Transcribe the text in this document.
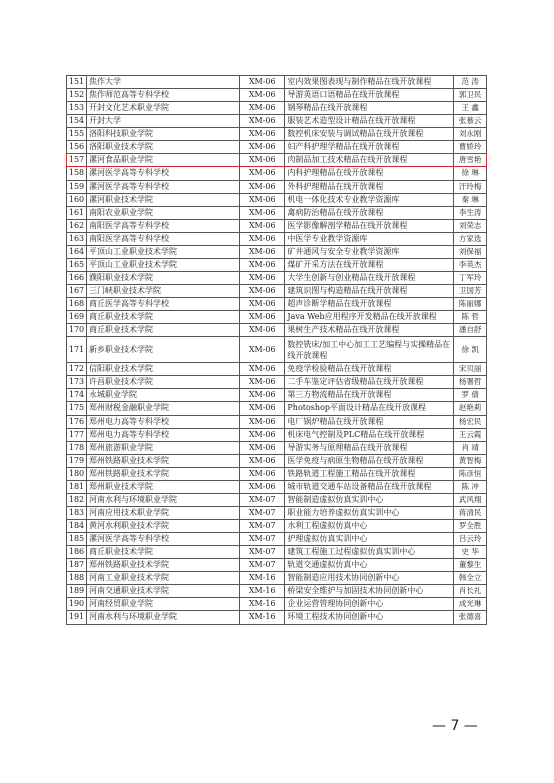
151	焦作大学	XM-06	室内效果图表现与制作精品在线开放课程	范 涛
152	焦作师范高等专科学校	XM-06	导游英语口语精品在线开放课程	郭卫民
153	开封文化艺术职业学院	XM-06	钢琴精品在线开放课程	王 鑫
154	开封大学	XM-06	服装艺术造型设计精品在线开放课程	张慕云
155	洛阳科技职业学院	XM-06	数控机床安装与调试精品在线开放课程	刘永刚
156	洛阳职业技术学院	XM-06	妇产科护理学精品在线开放课程	曹娇玲
157	漯河食品职业学院	XM-06	肉制品加工技术精品在线开放课程	唐雪艳
158	漯河医学高等专科学校	XM-06	内科护理精品在线开放课程	徐 琳
159	漯河医学高等专科学校	XM-06	外科护理精品在线开放课程	汗玲梅
160	漯河职业技术学院	XM-06	机电一体化技术专业教学资源库	秦 琳
161	南阳农业职业学院	XM-06	禽病防治精品在线开放课程	李生涛
162	南阳医学高等专科学校	XM-06	医学影像解剖学精品在线开放课程	刘荣志
163	南阳医学高等专科学校	XM-06	中医学专业教学资源库	方家选
164	平顶山工业职业技术学院	XM-06	矿井通风与安全专业教学资源库	刘保福
165	平顶山工业职业技术学院	XM-06	煤矿开采方法在线开放课程	李英杰
166	濮阳职业技术学院	XM-06	大学生创新与创业精品在线开放课程	丁军玲
167	三门峡职业技术学院	XM-06	建筑识图与构造精品在线开放课程	卫国芳
168	商丘医学高等专科学校	XM-06	超声诊断学精品在线开放课程	陈丽娜
169	商丘职业技术学院	XM-06	Java Web应用程序开发精品在线开放课程	陈 哲
170	商丘职业技术学院	XM-06	果树生产技术精品在线开放课程	潘自舒
171	新乡职业技术学院	XM-06	数控铣床/加工中心加工工艺编程与实操精品在线开放课程	徐 凯
172	信阳职业技术学院	XM-06	免疫学检验精品在线开放课程	宋贝丽
173	许昌职业技术学院	XM-06	二手车鉴定评估省级精品在线开放课程	杨署哲
174	永城职业学院	XM-06	第三方物流精品在线开放课程	罗 倩
175	郑州财税金融职业学院	XM-06	Photoshop平面设计精品在线开放课程	赵艳莉
176	郑州电力高等专科学校	XM-06	电厂锅炉精品在线开放课程	杨宏民
177	郑州电力高等专科学校	XM-06	机床电气控制及PLC精品在线开放课程	王云霞
178	郑州旅游职业学院	XM-06	导游实务与原理精品在线开放课程	肖 靖
179	郑州铁路职业技术学院	XM-06	医学免疫与病原生物精品在线开放课程	黄智梅
180	郑州铁路职业技术学院	XM-06	铁路轨道工程施工精品在线开放课程	陈彦恒
181	郑州职业技术学院	XM-06	城市轨道交通车站设备精品在线开放课程	陈 冲
182	河南水利与环境职业学院	XM-07	智能制造虚拟仿真实训中心	武风翔
183	河南应用技术职业学院	XM-07	职业能力培养虚拟仿真实训中心	蒋清民
184	黄河水利职业技术学院	XM-07	水利工程虚拟仿真中心	罗全胜
185	漯河医学高等专科学校	XM-07	护理虚拟仿真实训中心	吕云玲
186	商丘职业技术学院	XM-07	建筑工程施工过程虚拟仿真实训中心	史 华
187	郑州铁路职业技术学院	XM-07	轨道交通虚拟仿真中心	董黎生
188	河南工业职业技术学院	XM-16	智能制造应用技术协同创新中心	韩全立
189	河南交通职业技术学院	XM-16	桥梁安全维护与加固技术协同创新中心	肖长礼
190	河南经贸职业学院	XM-16	企业运营管理协同创新中心	成光琳
191	河南水利与环境职业学院	XM-16	环境工程技术协同创新中心	张德喜
— 7 —
